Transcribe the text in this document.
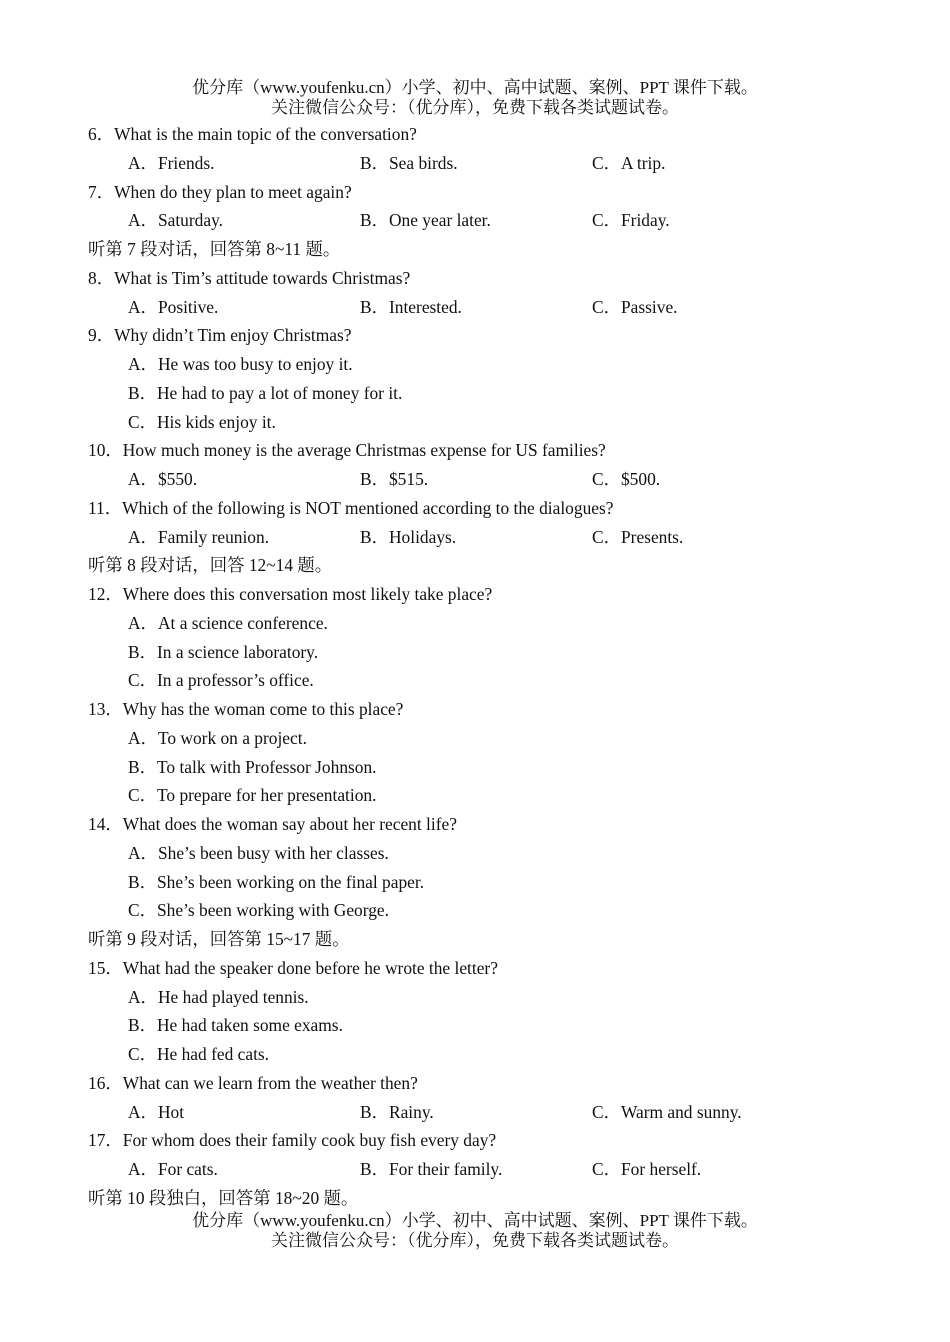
优分库（www.youfenku.cn）小学、初中、高中试题、案例、PPT 课件下载。
关注微信公众号：（优分库），免费下载各类试题试卷。
6．What is the main topic of the conversation?
A．Friends.	B．Sea birds.	C．A trip.
7．When do they plan to meet again?
A．Saturday.	B．One year later.	C．Friday.
听第 7 段对话，回答第 8~11 题。
8．What is Tim’s attitude towards Christmas?
A．Positive.	B．Interested.	C．Passive.
9．Why didn’t Tim enjoy Christmas?
A．He was too busy to enjoy it.
B．He had to pay a lot of money for it.
C．His kids enjoy it.
10．How much money is the average Christmas expense for US families?
A．$550.	B．$515.	C．$500.
11．Which of the following is NOT mentioned according to the dialogues?
A．Family reunion.	B．Holidays.	C．Presents.
听第 8 段对话，回答 12~14 题。
12．Where does this conversation most likely take place?
A．At a science conference.
B．In a science laboratory.
C．In a professor’s office.
13．Why has the woman come to this place?
A．To work on a project.
B．To talk with Professor Johnson.
C．To prepare for her presentation.
14．What does the woman say about her recent life?
A．She’s been busy with her classes.
B．She’s been working on the final paper.
C．She’s been working with George.
听第 9 段对话，回答第 15~17 题。
15．What had the speaker done before he wrote the letter?
A．He had played tennis.
B．He had taken some exams.
C．He had fed cats.
16．What can we learn from the weather then?
A．Hot	B．Rainy.	C．Warm and sunny.
17．For whom does their family cook buy fish every day?
A．For cats.	B．For their family.	C．For herself.
听第 10 段独白，回答第 18~20 题。
优分库（www.youfenku.cn）小学、初中、高中试题、案例、PPT 课件下载。
关注微信公众号：（优分库），免费下载各类试题试卷。
